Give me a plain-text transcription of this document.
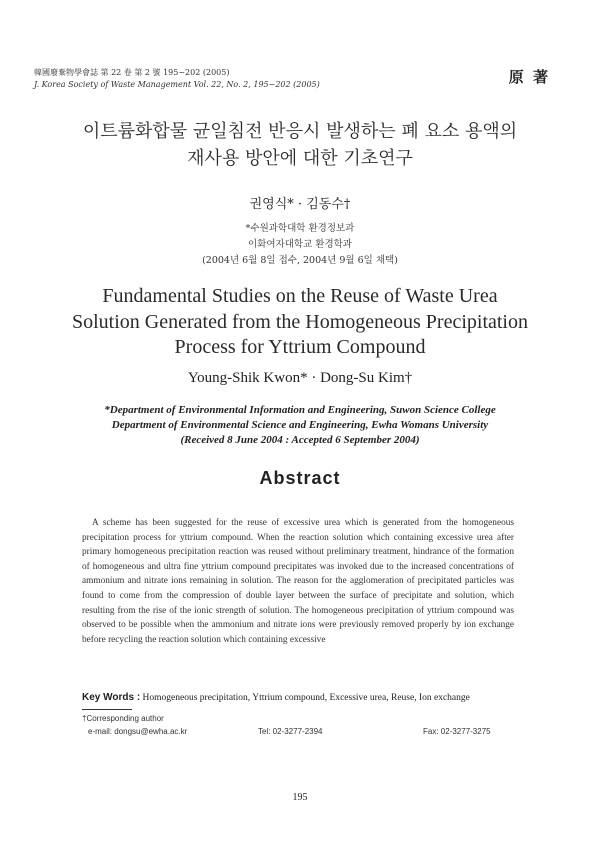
韓國廢棄物學會誌 第 22 卷 第 2 號 195~202 (2005)
J. Korea Society of Waste Management Vol. 22, No. 2, 195~202 (2005)	原 著
이트륨화합물 균일침전 반응시 발생하는 폐 요소 용액의
재사용 방안에 대한 기초연구
권영식* · 김동수†
*수원과학대학 환경정보과
이화여자대학교 환경학과
(2004년 6월 8일 접수, 2004년 9월 6일 채택)
Fundamental Studies on the Reuse of Waste Urea
Solution Generated from the Homogeneous Precipitation
Process for Yttrium Compound
Young-Shik Kwon* · Dong-Su Kim†
*Department of Environmental Information and Engineering, Suwon Science College
Department of Environmental Science and Engineering, Ewha Womans University
(Received 8 June 2004 : Accepted 6 September 2004)
Abstract
A scheme has been suggested for the reuse of excessive urea which is generated from the homogeneous precipitation process for yttrium compound. When the reaction solution which containing excessive urea after primary homogeneous precipitation reaction was reused without preliminary treatment, hindrance of the formation of homogeneous and ultra fine yttrium compound precipitates was invoked due to the increased concentrations of ammonium and nitrate ions remaining in solution. The reason for the agglomeration of precipitated particles was found to come from the compression of double layer between the surface of precipitate and solution, which resulting from the rise of the ionic strength of solution. The homogeneous precipitation of yttrium compound was observed to be possible when the ammonium and nitrate ions were previously removed properly by ion exchange before recycling the reaction solution which containing excessive
Key Words : Homogeneous precipitation, Yttrium compound, Excessive urea, Reuse, Ion exchange
†Corresponding author
e-mail: dongsu@ewha.ac.kr	Tel: 02-3277-2394	Fax: 02-3277-3275
195
